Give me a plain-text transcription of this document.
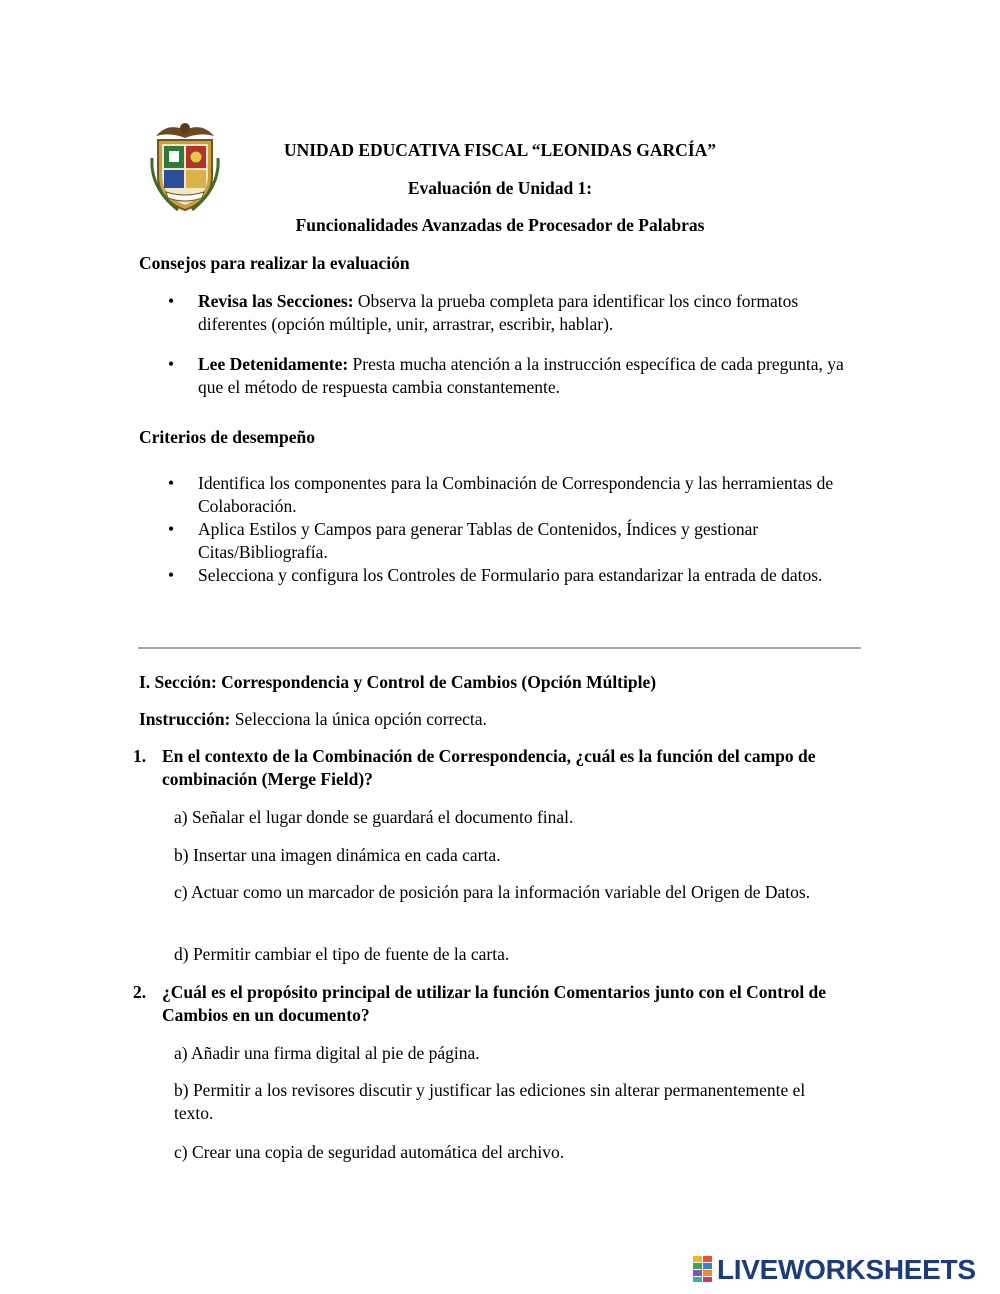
UNIDAD EDUCATIVA FISCAL “LEONIDAS GARCÍA”
Evaluación de Unidad 1:
Funcionalidades Avanzadas de Procesador de Palabras
Consejos para realizar la evaluación
• Revisa las Secciones: Observa la prueba completa para identificar los cinco formatos diferentes (opción múltiple, unir, arrastrar, escribir, hablar).
• Lee Detenidamente: Presta mucha atención a la instrucción específica de cada pregunta, ya que el método de respuesta cambia constantemente.
Criterios de desempeño
• Identifica los componentes para la Combinación de Correspondencia y las herramientas de Colaboración.
• Aplica Estilos y Campos para generar Tablas de Contenidos, Índices y gestionar Citas/Bibliografía.
• Selecciona y configura los Controles de Formulario para estandarizar la entrada de datos.
I. Sección: Correspondencia y Control de Cambios (Opción Múltiple)
Instrucción: Selecciona la única opción correcta.
1. En el contexto de la Combinación de Correspondencia, ¿cuál es la función del campo de combinación (Merge Field)?
a) Señalar el lugar donde se guardará el documento final.
b) Insertar una imagen dinámica en cada carta.
c) Actuar como un marcador de posición para la información variable del Origen de Datos.
d) Permitir cambiar el tipo de fuente de la carta.
2. ¿Cuál es el propósito principal de utilizar la función Comentarios junto con el Control de Cambios en un documento?
a) Añadir una firma digital al pie de página.
b) Permitir a los revisores discutir y justificar las ediciones sin alterar permanentemente el texto.
c) Crear una copia de seguridad automática del archivo.
LIVEWORKSHEETS
